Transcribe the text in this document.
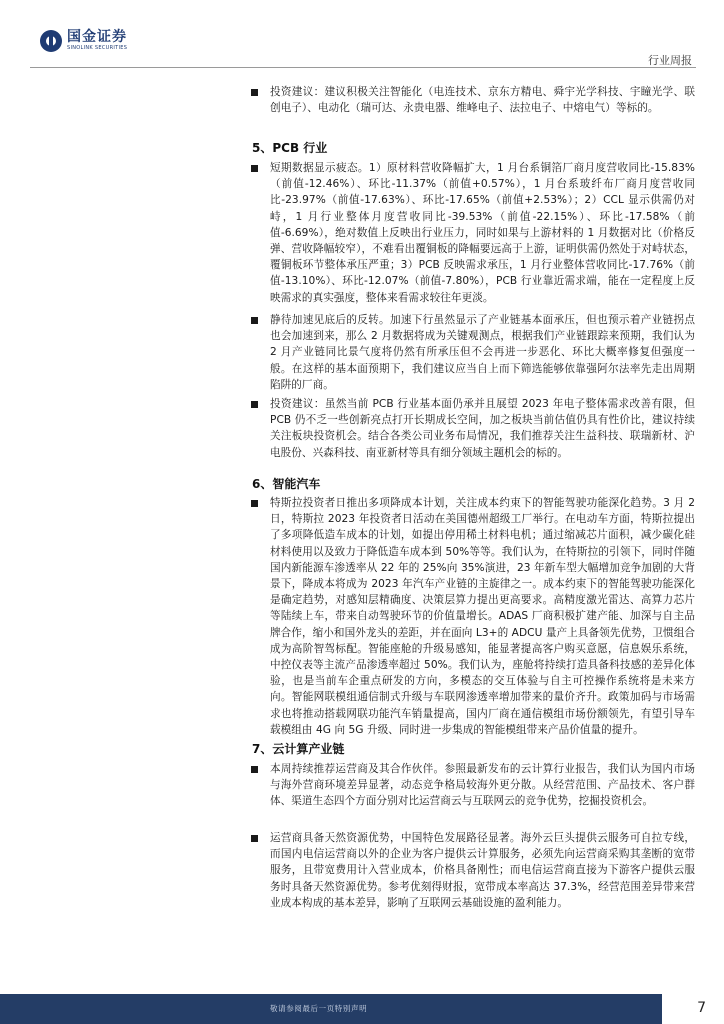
国金证券
SINOLINK SECURITIES
行业周报
投资建议：建议积极关注智能化（电连技术、京东方精电、舜宇光学科技、宇瞳光学、联创电子）、电动化（瑞可达、永贵电器、维峰电子、法拉电子、中熔电气）等标的。
5、PCB 行业
短期数据显示疲态。1）原材料营收降幅扩大，1 月台系铜箔厂商月度营收同比-15.83%（前值-12.46%）、环比-11.37%（前值+0.57%），1 月台系玻纤布厂商月度营收同比-23.97%（前值-17.63%）、环比-17.65%（前值+2.53%）；2）CCL 显示供需仍对峙，1 月行业整体月度营收同比-39.53%（前值-22.15%）、环比-17.58%（前值-6.69%），绝对数值上反映出行业压力，同时如果与上游材料的 1 月数据对比（价格反弹、营收降幅较窄），不难看出覆铜板的降幅要远高于上游，证明供需仍然处于对峙状态，覆铜板环节整体承压严重；3）PCB 反映需求承压，1 月行业整体营收同比-17.76%（前值-13.10%）、环比-12.07%（前值-7.80%），PCB 行业靠近需求端，能在一定程度上反映需求的真实强度，整体来看需求较往年更淡。
静待加速见底后的反转。加速下行虽然显示了产业链基本面承压，但也预示着产业链拐点也会加速到来，那么 2 月数据将成为关键观测点，根据我们产业链跟踪来预期，我们认为 2 月产业链同比景气度将仍然有所承压但不会再进一步恶化、环比大概率修复但强度一般。在这样的基本面预期下，我们建议应当自上而下筛选能够依靠强阿尔法率先走出周期陷阱的厂商。
投资建议：虽然当前 PCB 行业基本面仍承并且展望 2023 年电子整体需求改善有限，但 PCB 仍不乏一些创新亮点打开长期成长空间，加之板块当前估值仍具有性价比，建议持续关注板块投资机会。结合各类公司业务布局情况，我们推荐关注生益科技、联瑞新材、沪电股份、兴森科技、南亚新材等具有细分领域主题机会的标的。
6、智能汽车
特斯拉投资者日推出多项降成本计划，关注成本约束下的智能驾驶功能深化趋势。3 月 2 日，特斯拉 2023 年投资者日活动在美国德州超级工厂举行。在电动车方面，特斯拉提出了多项降低造车成本的计划，如提出停用稀土材料电机；通过缩减芯片面积，减少碳化硅材料使用以及致力于降低造车成本到 50%等等。我们认为，在特斯拉的引领下，同时伴随国内新能源车渗透率从 22 年的 25%向 35%演进，23 年新车型大幅增加竞争加剧的大背景下，降成本将成为 2023 年汽车产业链的主旋律之一。成本约束下的智能驾驶功能深化是确定趋势，对感知层精确度、决策层算力提出更高要求。高精度激光雷达、高算力芯片等陆续上车，带来自动驾驶环节的价值量增长。ADAS 厂商积极扩建产能、加深与自主品牌合作，缩小和国外龙头的差距，并在面向 L3+的 ADCU 量产上具备领先优势，卫惯组合成为高阶智驾标配。智能座舱的升级易感知，能显著提高客户购买意愿，信息娱乐系统，中控仪表等主流产品渗透率超过 50%。我们认为，座舱将持续打造具备科技感的差异化体验，也是当前车企重点研发的方向，多模态的交互体验与自主可控操作系统将是未来方向。智能网联模组通信制式升级与车联网渗透率增加带来的量价齐升。政策加码与市场需求也将推动搭载网联功能汽车销量提高，国内厂商在通信模组市场份额领先，有望引导车载模组由 4G 向 5G 升级、同时进一步集成的智能模组带来产品价值量的提升。
7、云计算产业链
本周持续推荐运营商及其合作伙伴。参照最新发布的云计算行业报告，我们认为国内市场与海外营商环境差异显著，动态竞争格局较海外更分散。从经营范围、产品技术、客户群体、渠道生态四个方面分别对比运营商云与互联网云的竞争优势，挖掘投资机会。
运营商具备天然资源优势，中国特色发展路径显著。海外云巨头提供云服务可自拉专线，而国内电信运营商以外的企业为客户提供云计算服务，必须先向运营商采购其垄断的宽带服务，且带宽费用计入营业成本，价格具备刚性；而电信运营商直接为下游客户提供云服务时具备天然资源优势。参考优刻得财报，宽带成本率高达 37.3%，经营范围差异带来营业成本构成的基本差异，影响了互联网云基础设施的盈利能力。
敬请参阅最后一页特别声明	7
